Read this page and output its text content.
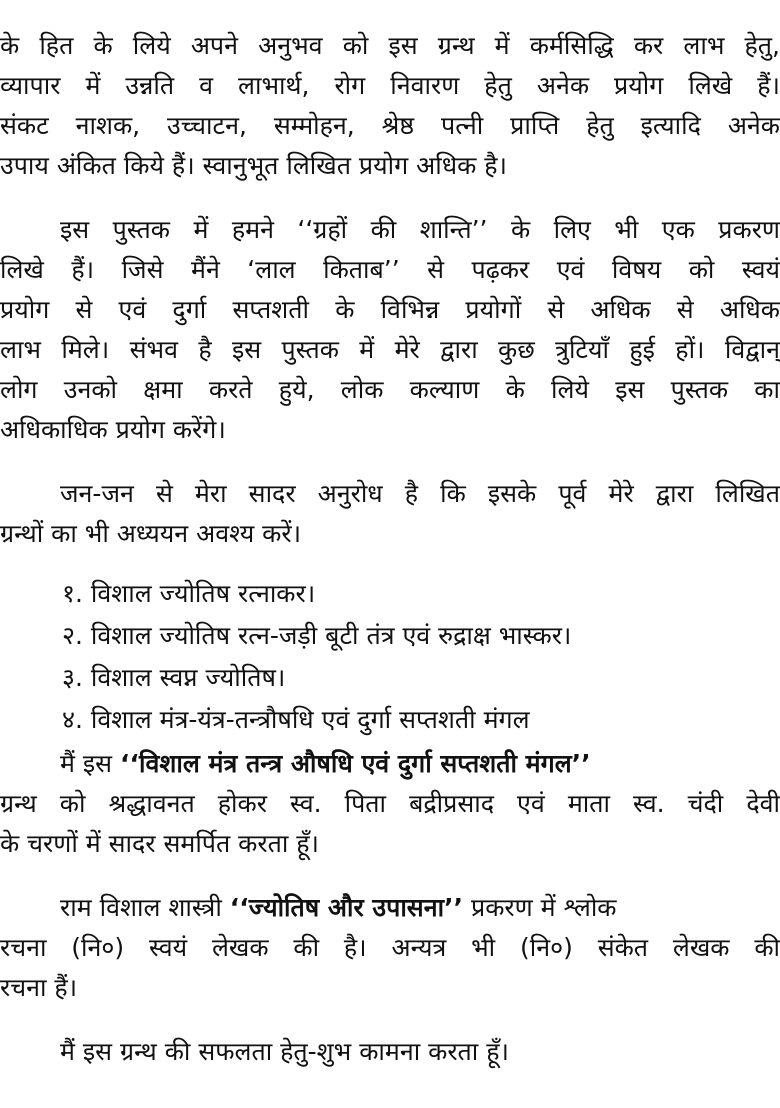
के हित के लिये अपने अनुभव को इस ग्रन्थ में कर्मसिद्धि कर लाभ हेतु,
व्यापार में उन्नति व लाभार्थ, रोग निवारण हेतु अनेक प्रयोग लिखे हैं।
संकट नाशक, उच्चाटन, सम्मोहन, श्रेष्ठ पत्नी प्राप्ति हेतु इत्यादि अनेक
उपाय अंकित किये हैं। स्वानुभूत लिखित प्रयोग अधिक है।
इस पुस्तक में हमने ‘‘ग्रहों की शान्ति’’ के लिए भी एक प्रकरण
लिखे हैं। जिसे मैंने ‘लाल किताब’’ से पढ़कर एवं विषय को स्वयं
प्रयोग से एवं दुर्गा सप्तशती के विभिन्न प्रयोगों से अधिक से अधिक
लाभ मिले। संभव है इस पुस्तक में मेरे द्वारा कुछ त्रुटियाँ हुई हों। विद्वान्
लोग उनको क्षमा करते हुये, लोक कल्याण के लिये इस पुस्तक का
अधिकाधिक प्रयोग करेंगे।
जन-जन से मेरा सादर अनुरोध है कि इसके पूर्व मेरे द्वारा लिखित
ग्रन्थों का भी अध्ययन अवश्य करें।
१. विशाल ज्योतिष रत्नाकर।
२. विशाल ज्योतिष रत्न-जड़ी बूटी तंत्र एवं रुद्राक्ष भास्कर।
३. विशाल स्वप्न ज्योतिष।
४. विशाल मंत्र-यंत्र-तन्त्रौषधि एवं दुर्गा सप्तशती मंगल
मैं इस ‘‘विशाल मंत्र तन्त्र औषधि एवं दुर्गा सप्तशती मंगल’’
ग्रन्थ को श्रद्धावनत होकर स्व. पिता बद्रीप्रसाद एवं माता स्व. चंदी देवी
के चरणों में सादर समर्पित करता हूँ।
राम विशाल शास्त्री ‘‘ज्योतिष और उपासना’’ प्रकरण में श्लोक
रचना (नि०) स्वयं लेखक की है। अन्यत्र भी (नि०) संकेत लेखक की
रचना हैं।
मैं इस ग्रन्थ की सफलता हेतु-शुभ कामना करता हूँ।
